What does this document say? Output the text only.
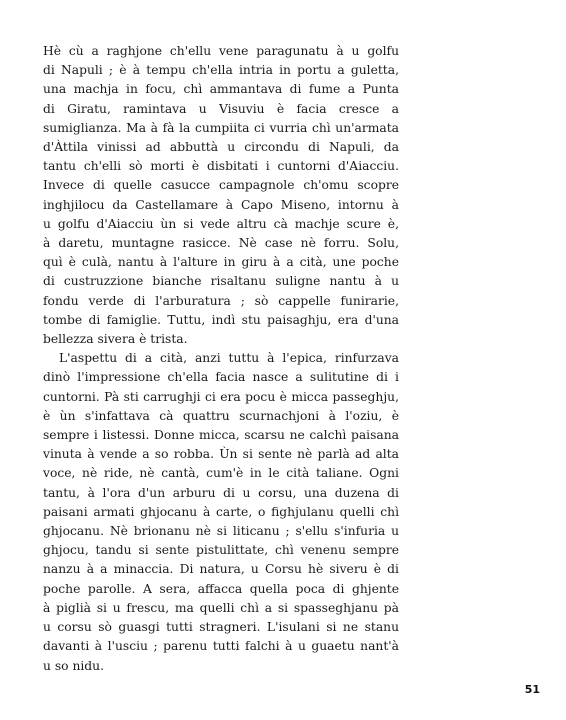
Hè cù a raghjone ch'ellu vene paragunatu à u golfu
di Napuli ; è à tempu ch'ella intria in portu a guletta,
una machja in focu, chì ammantava di fume a Punta
di Giratu, ramintava u Visuviu è facia cresce a
sumiglianza. Ma à fà la cumpiita ci vurria chì un'armata
d'Àttila vinissi ad abbuttà u circondu di Napuli, da
tantu ch'elli sò morti è disbitati i cuntorni d'Aiacciu.
Invece di quelle casucce campagnole ch'omu scopre
inghjilocu da Castellamare à Capo Miseno, intornu à
u golfu d'Aiacciu ùn si vede altru cà machje scure è,
à daretu, muntagne rasicce. Nè case nè forru. Solu,
quì è culà, nantu à l'alture in giru à a cità, une poche
di custruzzione bianche risaltanu suligne nantu à u
fondu verde di l'arburatura ; sò cappelle funirarie,
tombe di famiglie. Tuttu, indì stu paisaghju, era d'una
bellezza sivera è trista.
L'aspettu di a cità, anzi tuttu à l'epica, rinfurzava
dinò l'impressione ch'ella facia nasce a sulitutine di i
cuntorni. Pà sti carrughji ci era pocu è micca passeghju,
è ùn s'infattava cà quattru scurnachjoni à l'oziu, è
sempre i listessi. Donne micca, scarsu ne calchì paisana
vinuta à vende a so robba. Ùn si sente nè parlà ad alta
voce, nè ride, nè cantà, cum'è in le cità taliane. Ogni
tantu, à l'ora d'un arburu di u corsu, una duzena di
paisani armati ghjocanu à carte, o fighjulanu quelli chì
ghjocanu. Nè brionanu nè si liticanu ; s'ellu s'infuria u
ghjocu, tandu si sente pistulittate, chì venenu sempre
nanzu à a minaccia. Di natura, u Corsu hè siveru è di
poche parolle. A sera, affacca quella poca di ghjente
à piglià si u frescu, ma quelli chì a si spasseghjanu pà
u corsu sò guasgi tutti stragneri. L'isulani si ne stanu
davanti à l'usciu ; parenu tutti falchi à u guaetu nant'à
u so nidu.
51
